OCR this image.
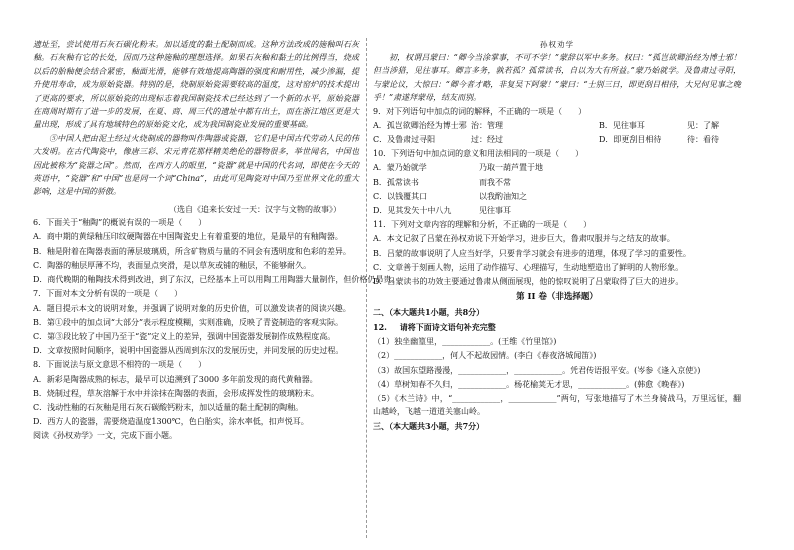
遗址至，尝试使用石灰石碳化粉末。加以适度的黏土配制而成。这种方法改成的施釉叫石灰釉。石灰釉有它的长处，因而乃这种施釉的理想选择。如果石灰釉和黏土的比例得当，烧成以后的胎釉便会结合紧密，釉面光滑，能够有效地提高陶器的强度和耐用性，减少渗漏，提升使用寿命，成为原始瓷器。特别的是，烧制原始瓷需要较高的温度，这对窑炉的技术提出了更高的要求，所以原始瓷的出现标志着我国制瓷技术已经达到了一个新的水平，原始瓷器在商周时期有了进一步的发展，在夏、商、周三代的遗址中都有出土，而在浙江地区更是大量出现，形成了具有地域特色的原始瓷文化，成为我国制瓷业发展的重要基础。

⑤中国人把由泥土经过火烧制成的器物叫作陶器或瓷器，它们是中国古代劳动人民的伟大发明。在古代陶瓷中，像唐三彩、宋元青花那样精美绝伦的器物很多，举世闻名，中国也因此被称为“瓷器之国”。然而，在西方人的眼里，“瓷器”就是中国的代名词，即使在今天的英语中，“瓷器”和“中国”也是同一个词“China”，由此可见陶瓷对中国乃至世界文化的重大影响，这是中国的骄傲。

（选自《追来长安过一天：汉字与文物的故事》）

6．下面关于“釉陶”的概说有误的一项是（　　）

A．商中期的黄绿釉压印纹硬陶器在中国陶瓷史上有着重要的地位，是最早的有釉陶器。

B．釉是附着在陶器表面的薄层玻璃质，所含矿物质与量的不同会有透明度和色彩的差异。

C．陶器的釉层厚薄不均，表面显点突滑，是以草灰或铺的釉层，不能够耐久。

D．商代晚期的釉陶技术得到改进，到了东汉，已经基本上可以用陶工用陶器大量制作，但价格仍昂贵。

7．下面对本文分析有误的一项是（　　）

A．题目提示本文的说明对象，并强调了说明对象的历史价值，可以激发读者的阅读兴趣。

B．第①段中的加点词“大部分”表示程度模糊，实则准确，反映了青瓷制造的客观实际。

C．第③段比较了中国乃至于“瓷”定义上的差异，强调中国瓷器发展制作成熟程度高。

D．文章按照时间顺序，说明中国瓷器从西周到东汉的发展历史，并同发展的历史过程。

8．下面说法与原文意思不相符的一项是（　　）

A．新彩是陶器成熟的标志，最早可以追溯到了3000 多年前发现的商代黄釉器。

B．烧制过程，草灰溶解于水中并涂抹在陶器的表面，会形成挥发性的玻璃粉末。

C．浅动性釉的石灰釉是用石灰石碳酸钙粉末，加以适量的黏土配制的陶釉。

D．西方人的瓷器，需要烧造温度1300℃，色白胎实，涂水率低，扣声悦耳。

阅读《孙权劝学》一文，完成下面小题。

孙权劝学

初，权谓吕蒙曰：“卿今当涂掌事，不可不学！”蒙辞以军中多务。权曰：“孤岂欲卿治经为博士邪！但当涉猎，见往事耳。卿言多务，孰若孤？孤常读书，自以为大有所益。”蒙乃始就学。及鲁肃过寻阳，与蒙论议，大惊曰：“卿今者才略，非复吴下阿蒙！”蒙曰：“士别三日，即更刮目相待，大兄何见事之晚乎！”肃遂拜蒙母，结友而别。

9．对下列语句中加点的词的解释，不正确的一项是（　　）

A．孤岂欲卿治经为博士邪 治：管理	B．见往事耳	见：了解
C．及鲁肃过寻阳	过：经过	D．即更刮目相待	待：看待

10．下列语句中加点词的意义和用法相同的一项是（　　）

A．蒙乃始就学	乃取一葫芦置于地
B．孤常读书	而我不常
C．以钱覆其口	以我酌油知之
D．见其发矢十中八九	见往事耳

11．下列对文章内容的理解和分析，不正确的一项是（　　）

A．本文记叙了吕蒙在孙权劝说下开始学习，进步巨大，鲁肃叹服并与之结友的故事。

B．吕蒙的故事说明了人应当好学，只要肯学习就会有进步的道理，体现了学习的重要性。

C．文章善于刻画人物，运用了动作描写、心理描写，生动地塑造出了鲜明的人物形象。

D．吕蒙读书的功效主要通过鲁肃从侧面展现，他的惊叹说明了吕蒙取得了巨大的进步。

第 II 卷（非选择题）

二、（本大题共1小题，共8分）

12. 请将下面诗文语句补充完整

（1）独坐幽篁里，____________。(王维《竹里馆》)

（2）____________，何人不起故园情。(李白《春夜洛城闻笛》)

（3）故国东望路漫漫，____________，____________。凭君传语报平安。(岑参《逢入京使》)

（4）草树知春不久归，____________。杨花榆荚无才思，____________。(韩愈《晚春》)

（5）《木兰诗》中，“____________，____________”两句，写张地描写了木兰身骑战马，万里远征，翻山越岭，飞越一道道关塞山岭。

三、（本大题共3小题，共7分）
